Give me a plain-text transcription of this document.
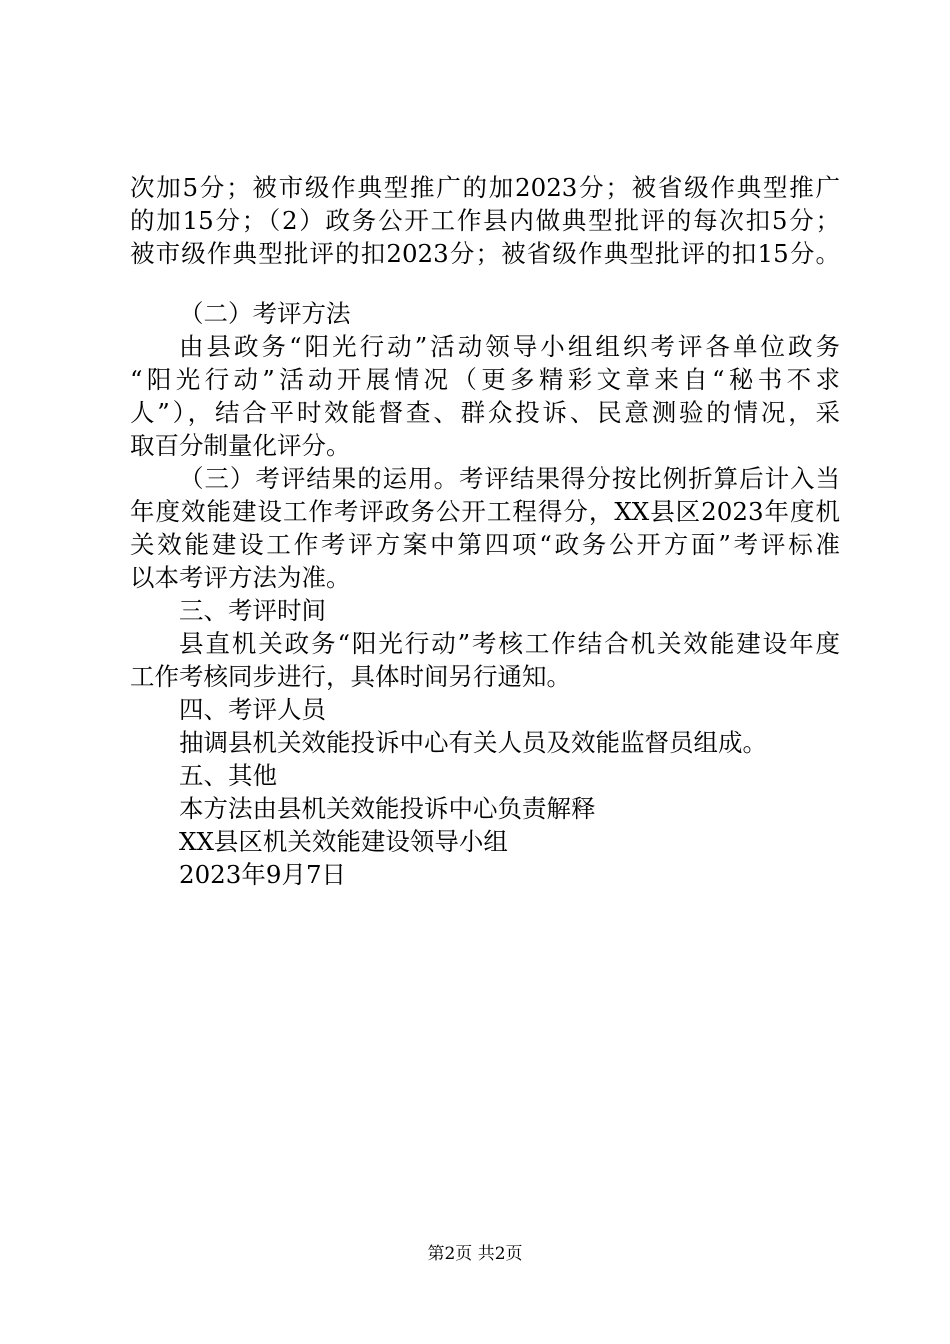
次加5分；被市级作典型推广的加2023分；被省级作典型推广
的加15分；（2）政务公开工作县内做典型批评的每次扣5分；
被市级作典型批评的扣2023分；被省级作典型批评的扣15分。
（二）考评方法
由县政务“阳光行动”活动领导小组组织考评各单位政务
“阳光行动”活动开展情况（更多精彩文章来自“秘书不求
人”），结合平时效能督查、群众投诉、民意测验的情况，采
取百分制量化评分。
（三）考评结果的运用。考评结果得分按比例折算后计入当
年度效能建设工作考评政务公开工程得分，XX县区2023年度机
关效能建设工作考评方案中第四项“政务公开方面”考评标准
以本考评方法为准。
三、考评时间
县直机关政务“阳光行动”考核工作结合机关效能建设年度
工作考核同步进行，具体时间另行通知。
四、考评人员
抽调县机关效能投诉中心有关人员及效能监督员组成。
五、其他
本方法由县机关效能投诉中心负责解释
XX县区机关效能建设领导小组
2023年9月7日
第2页 共2页
